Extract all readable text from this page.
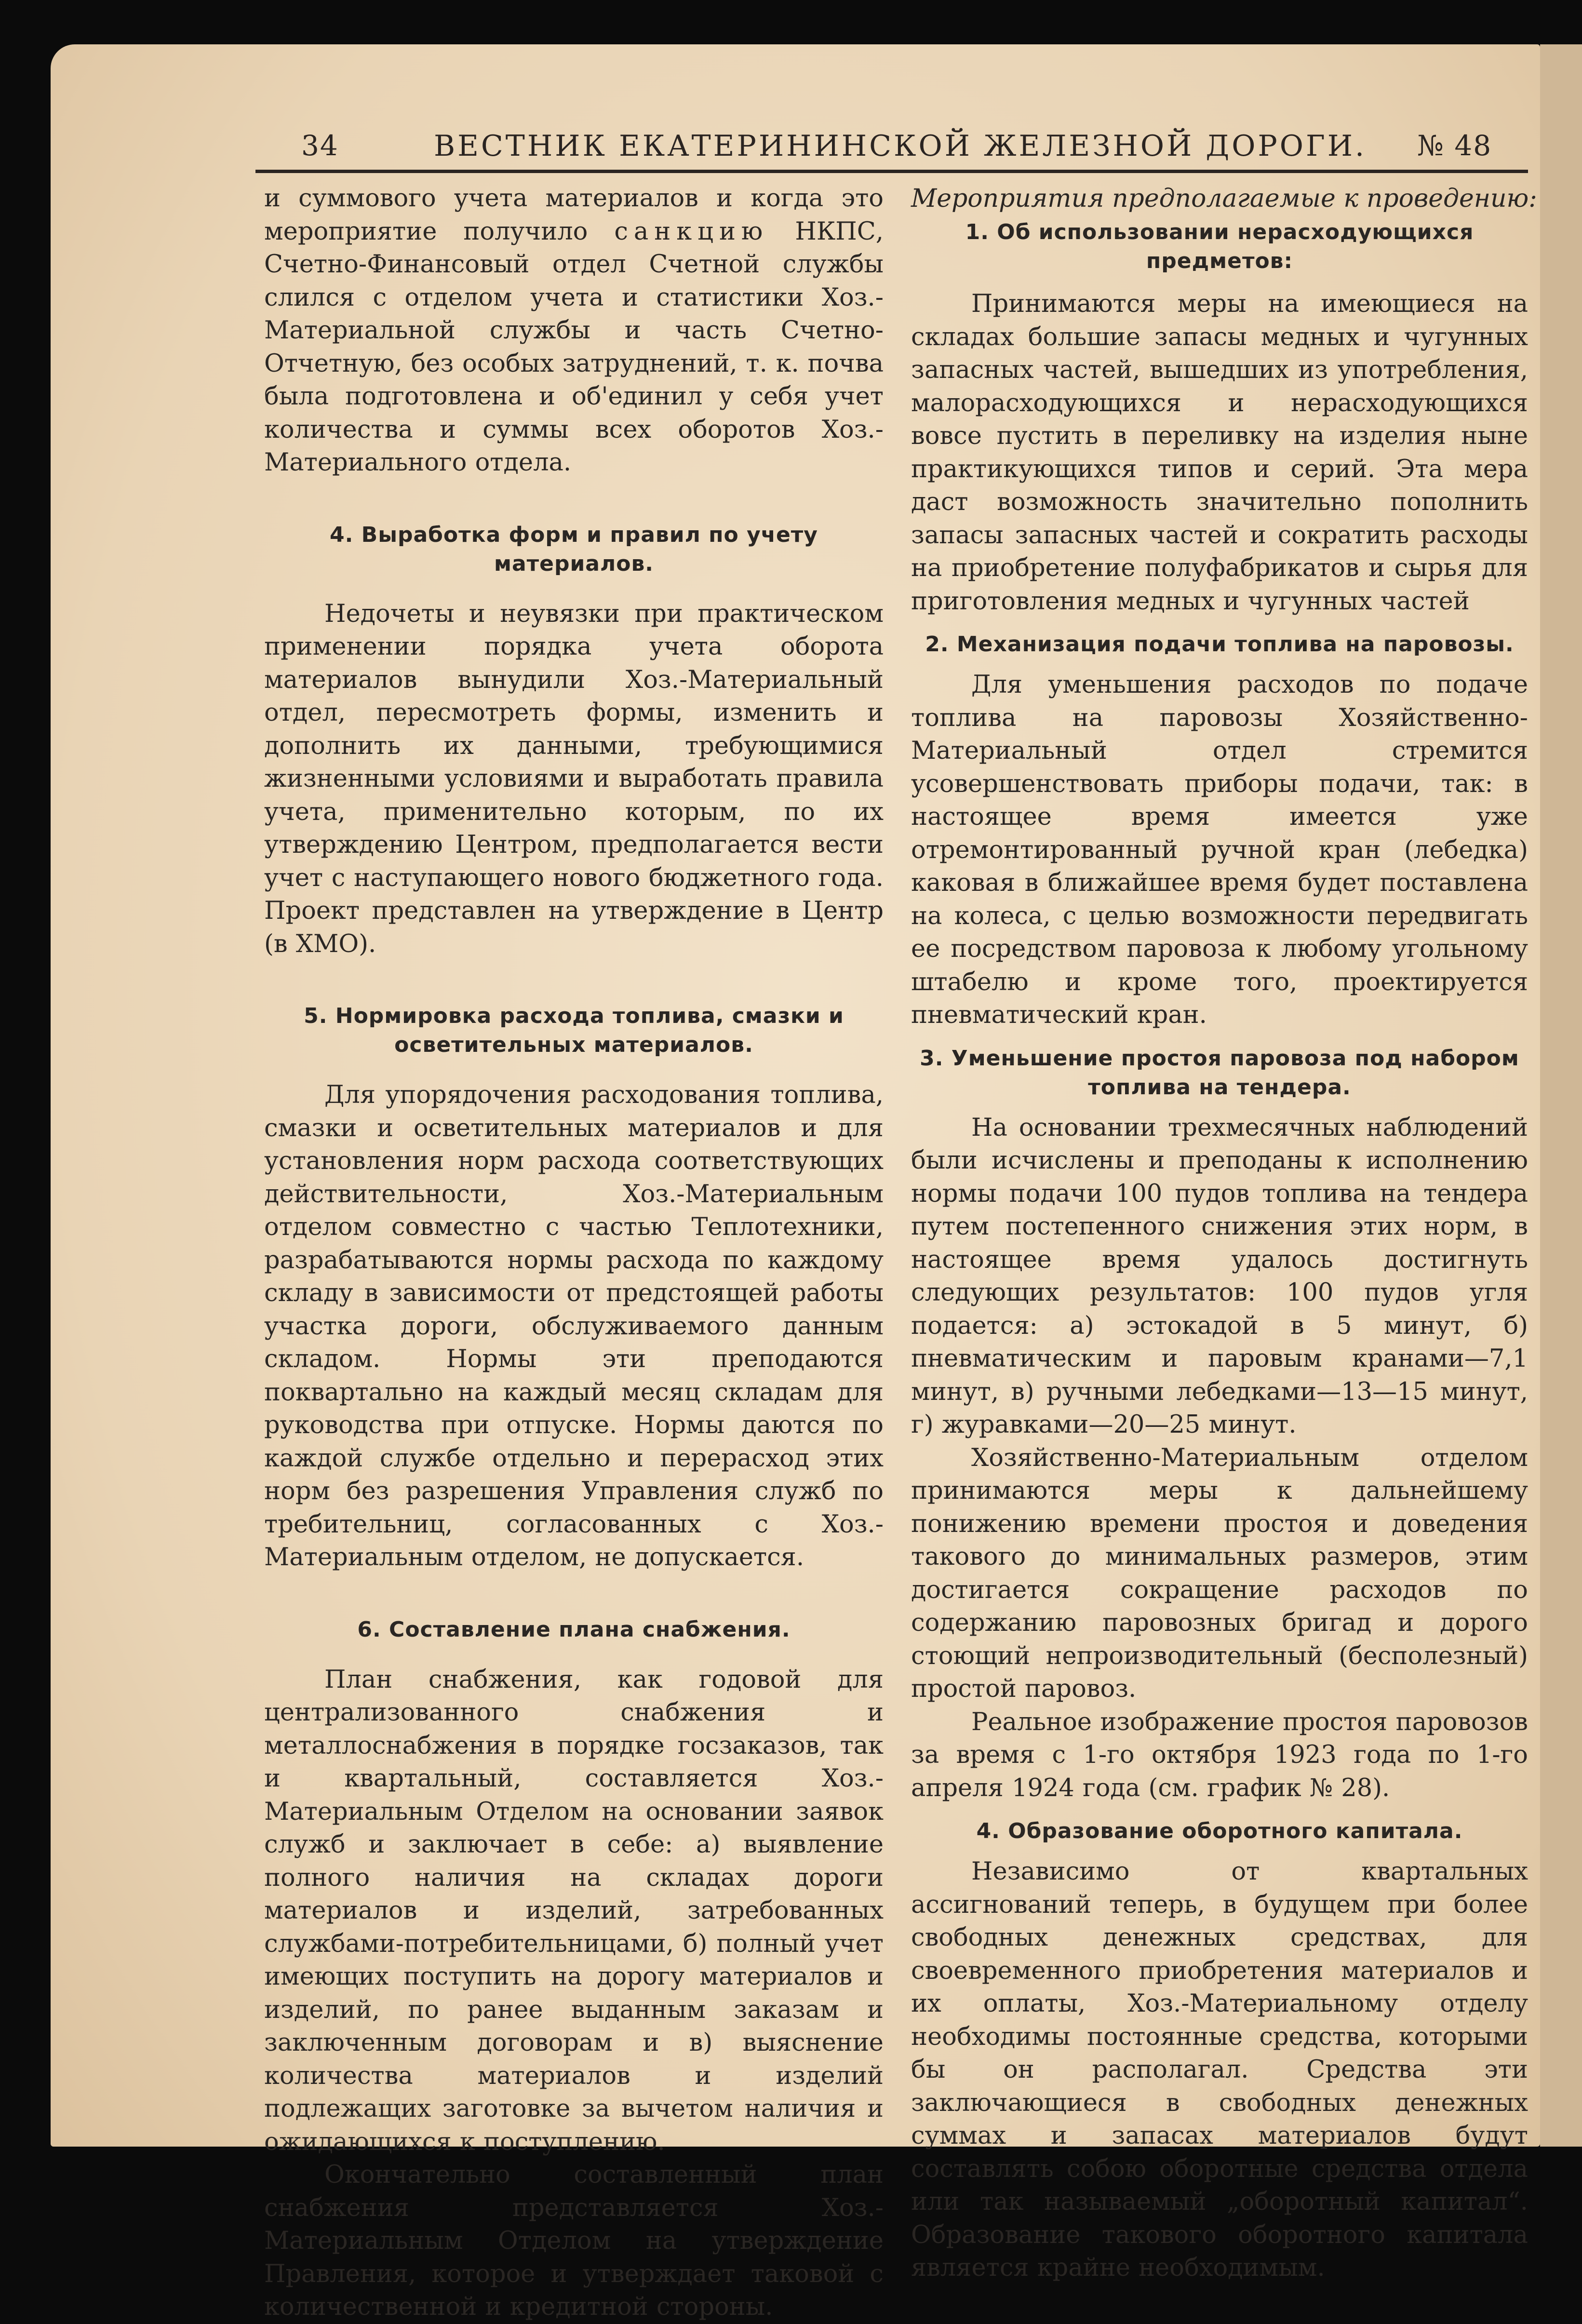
34	ВЕСТНИК ЕКАТЕРИНИНСКОЙ ЖЕЛЕЗНОЙ ДОРОГИ. № 48

и суммового учета материалов и когда это мероприятие получило санкцию НКПС, Счетно-Финансовый отдел Счетной службы слился с отделом учета и статистики Хоз.-Материальной службы и часть Счетно-Отчетную, без особых затруднений, т. к. почва была подготовлена и об'единил у себя учет количества и суммы всех оборотов Хоз.-Материального отдела.

4. Выработка форм и правил по учету материалов.

Недочеты и неувязки при практическом применении порядка учета оборота материалов вынудили Хоз.-Материальный отдел, пересмотреть формы, изменить и дополнить их данными, требующимися жизненными условиями и выработать правила учета, применительно которым, по их утверждению Центром, предполагается вести учет с наступающего нового бюджетного года. Проект представлен на утверждение в Центр (в ХМО).

5. Нормировка расхода топлива, смазки и осветительных материалов.

Для упорядочения расходования топлива, смазки и осветительных материалов и для установления норм расхода соответствующих действительности, Хоз.-Материальным отделом совместно с частью Теплотехники, разрабатываются нормы расхода по каждому складу в зависимости от предстоящей работы участка дороги, обслуживаемого данным складом. Нормы эти преподаются поквартально на каждый месяц складам для руководства при отпуске. Нормы даются по каждой службе отдельно и перерасход этих норм без разрешения Управления служб по требительниц, согласованных с Хоз.-Материальным отделом, не допускается.

6. Составление плана снабжения.

План снабжения, как годовой для централизованного снабжения и металлоснабжения в порядке госзаказов, так и квартальный, составляется Хоз.-Материальным Отделом на основании заявок служб и заключает в себе: а) выявление полного наличия на складах дороги материалов и изделий, затребованных службами-потребительницами, б) полный учет имеющих поступить на дорогу материалов и изделий, по ранее выданным заказам и заключенным договорам и в) выяснение количества материалов и изделий подлежащих заготовке за вычетом наличия и ожидающихся к поступлению.

Окончательно составленный план снабжения представляется Хоз.-Материальным Отделом на утверждение Правления, которое и утверждает таковой с количественной и кредитной стороны.

Мероприятия предполагаемые к проведению:
1. Об использовании нерасходующихся предметов:

Принимаются меры на имеющиеся на складах большие запасы медных и чугунных запасных частей, вышедших из употребления, малорасходующихся и нерасходующихся вовсе пустить в переливку на изделия ныне практикующихся типов и серий. Эта мера даст возможность значительно пополнить запасы запасных частей и сократить расходы на приобретение полуфабрикатов и сырья для приготовления медных и чугунных частей

2. Механизация подачи топлива на паровозы.

Для уменьшения расходов по подаче топлива на паровозы Хозяйственно-Материальный отдел стремится усовершенствовать приборы подачи, так: в настоящее время имеется уже отремонтированный ручной кран (лебедка) каковая в ближайшее время будет поставлена на колеса, с целью возможности передвигать ее посредством паровоза к любому угольному штабелю и кроме того, проектируется пневматический кран.

3. Уменьшение простоя паровоза под набором топлива на тендера.

На основании трехмесячных наблюдений были исчислены и преподаны к исполнению нормы подачи 100 пудов топлива на тендера путем постепенного снижения этих норм, в настоящее время удалось достигнуть следующих результатов: 100 пудов угля подается: а) эстокадой в 5 минут, б) пневматическим и паровым кранами—7,1 минут, в) ручными лебедками—13—15 минут, г) журавками—20—25 минут.

Хозяйственно-Материальным отделом принимаются меры к дальнейшему понижению времени простоя и доведения такового до минимальных размеров, этим достигается сокращение расходов по содержанию паровозных бригад и дорого стоющий непроизводительный (бесполезный) простой паровоз.

Реальное изображение простоя паровозов за время с 1-го октября 1923 года по 1-го апреля 1924 года (см. график № 28).

4. Образование оборотного капитала.

Независимо от квартальных ассигнований теперь, в будущем при более свободных денежных средствах, для своевременного приобретения материалов и их оплаты, Хоз.-Материальному отделу необходимы постоянные средства, которыми бы он располагал. Средства эти заключающиеся в свободных денежных суммах и запасах материалов будут составлять собою оборотные средства отдела или так называемый „оборотный капитал“. Образование такового оборотного капитала является крайне необходимым.
